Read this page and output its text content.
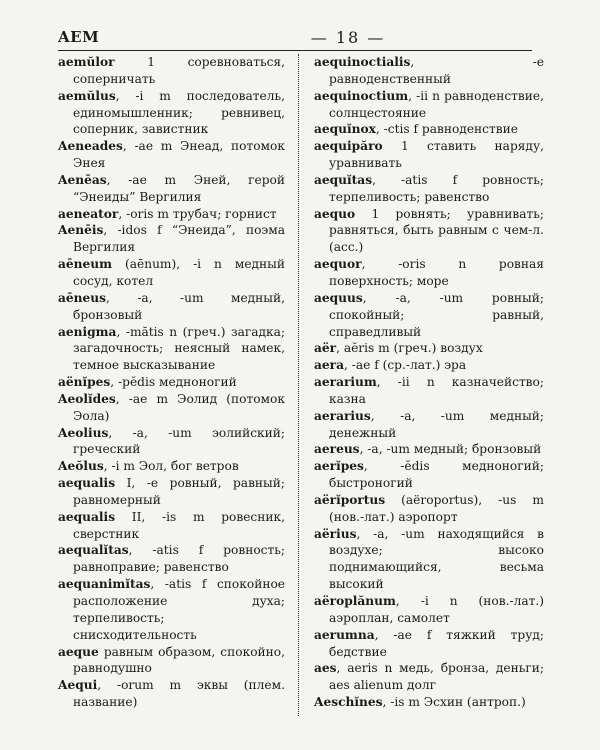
AEM	— 18 —
aemŭlor 1 соревноваться, соперничать
aemŭlus, -i m последователь, единомышленник; ревнивец, соперник, завистник
Aeneades, -ae m Энеад, потомок Энея
Aenēas, -ae m Эней, герой “Энеиды” Вергилия
aeneator, -oris m трубач; горнист
Aenēis, -idos f “Энеида”, поэма Вергилия
aēneum (aēnum), -i n медный сосуд, котел
aēneus, -a, -um медный, бронзовый
aenigma, -mătis n (греч.) загадка; загадочность; неясный намек, темное высказывание
aënĭpes, -pĕdis медноногий
Aeolĭdes, -ae m Эолид (потомок Эола)
Aeolius, -a, -um эолийский; греческий
Aeŏlus, -i m Эол, бог ветров
aequalis I, -e ровный, равный; равномерный
aequalis II, -is m ровесник, сверстник
aequalĭtas, -atis f ровность; равноправие; равенство
aequanimĭtas, -atis f спокойное расположение духа; терпеливость; снисходительность
aeque равным образом, спокойно, равнодушно
Aequi, -orum m эквы (плем. название)
aequinoctialis, -e равноденственный
aequinoctium, -ii n равноденствие, солнцестояние
aequĭnox, -ctis f равноденствие
aequipăro 1 ставить наряду, уравнивать
aequĭtas, -atis f ровность; терпеливость; равенство
aequo 1 ровнять; уравнивать; равняться, быть равным с чем-л. (acc.)
aequor, -oris n ровная поверхность; море
aequus, -a, -um ровный; спокойный; равный, справедливый
aër, aĕris m (греч.) воздух
aera, -ae f (ср.-лат.) эра
aerarium, -ii n казначейство; казна
aerarius, -a, -um медный; денежный
aereus, -a, -um медный; бронзовый
aerĭpes, -ĕdis медноногий; быстроногий
aërĭportus (aëroportus), -us m (нов.-лат.) аэропорт
aërius, -a, -um находящийся в воздухе; высоко поднимающийся, весьма высокий
aëroplănum, -i n (нов.-лат.) аэроплан, самолет
aerumna, -ae f тяжкий труд; бедствие
aes, aeris n медь, бронза, деньги; aes alienum долг
Aeschĭnes, -is m Эсхин (антроп.)
